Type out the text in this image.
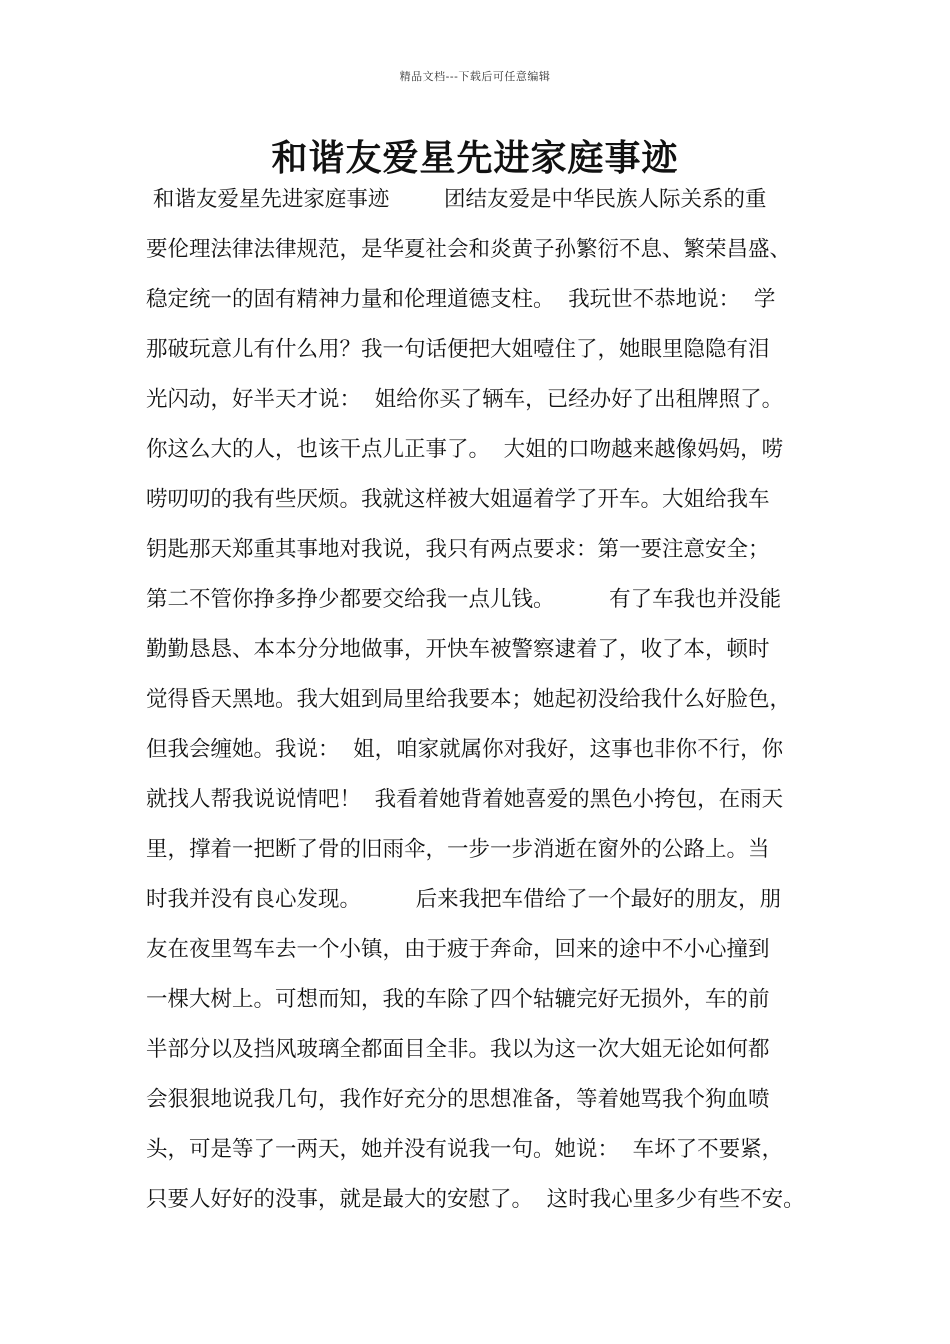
精品文档---下载后可任意编辑
和谐友爱星先进家庭事迹
和谐友爱星先进家庭事迹        团结友爱是中华民族人际关系的重
要伦理法律法律规范，是华夏社会和炎黄子孙繁衍不息、繁荣昌盛、
稳定统一的固有精神力量和伦理道德支柱。  我玩世不恭地说：  学
那破玩意儿有什么用？我一句话便把大姐噎住了，她眼里隐隐有泪
光闪动，好半天才说：  姐给你买了辆车，已经办好了出租牌照了。
你这么大的人，也该干点儿正事了。  大姐的口吻越来越像妈妈，唠
唠叨叨的我有些厌烦。我就这样被大姐逼着学了开车。大姐给我车
钥匙那天郑重其事地对我说，我只有两点要求：第一要注意安全；
第二不管你挣多挣少都要交给我一点儿钱。        有了车我也并没能
勤勤恳恳、本本分分地做事，开快车被警察逮着了，收了本，顿时
觉得昏天黑地。我大姐到局里给我要本；她起初没给我什么好脸色，
但我会缠她。我说：  姐，咱家就属你对我好，这事也非你不行，你
就找人帮我说说情吧！  我看着她背着她喜爱的黑色小挎包，在雨天
里，撑着一把断了骨的旧雨伞，一步一步消逝在窗外的公路上。当
时我并没有良心发现。        后来我把车借给了一个最好的朋友，朋
友在夜里驾车去一个小镇，由于疲于奔命，回来的途中不小心撞到
一棵大树上。可想而知，我的车除了四个轱辘完好无损外，车的前
半部分以及挡风玻璃全都面目全非。我以为这一次大姐无论如何都
会狠狠地说我几句，我作好充分的思想准备，等着她骂我个狗血喷
头，可是等了一两天，她并没有说我一句。她说：  车坏了不要紧，
只要人好好的没事，就是最大的安慰了。  这时我心里多少有些不安。
